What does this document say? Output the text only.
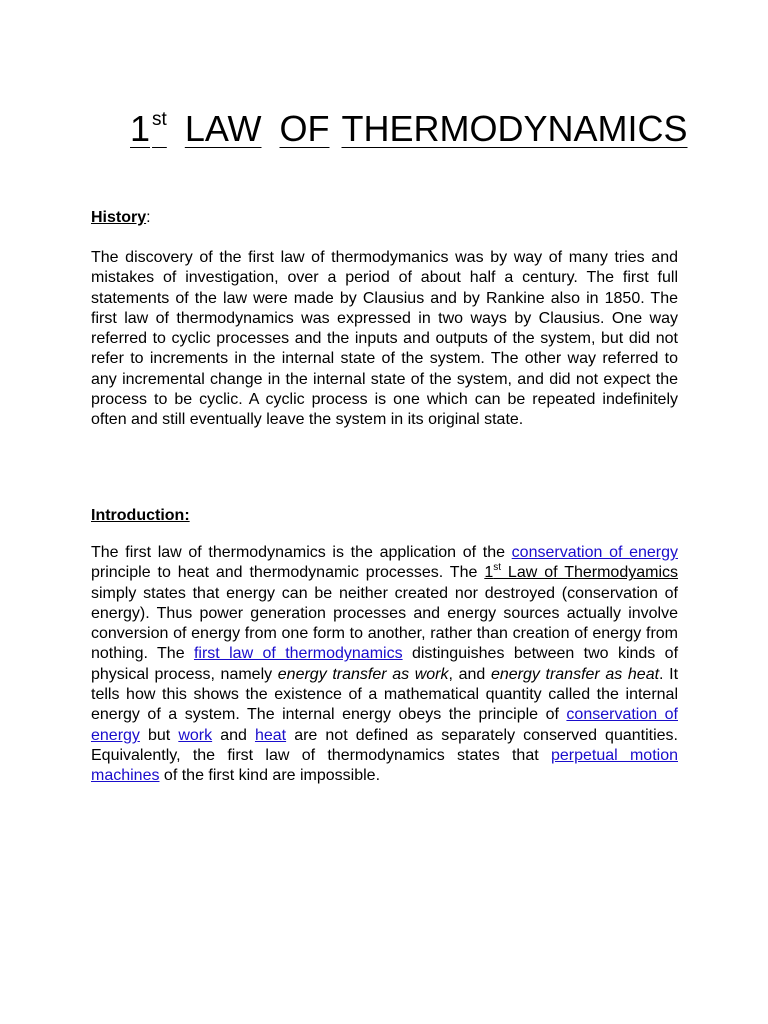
1 $^{st}$ LAW OF THERMODYNAMICS
History:

The discovery of the first law of thermodymanics was by way of many tries and mistakes of investigation, over a period of about half a century. The first full statements of the law were made by Clausius and by Rankine also in 1850. The first law of thermodynamics was expressed in two ways by Clausius. One way referred to cyclic processes and the inputs and outputs of the system, but did not refer to increments in the internal state of the system. The other way referred to any incremental change in the internal state of the system, and did not expect the process to be cyclic. A cyclic process is one which can be repeated indefinitely often and still eventually leave the system in its original state.

Introduction:

The first law of thermodynamics is the application of the conservation of energy principle to heat and thermodynamic processes. The 1st Law of Thermodyamics simply states that energy can be neither created nor destroyed (conservation of energy). Thus power generation processes and energy sources actually involve conversion of energy from one form to another, rather than creation of energy from nothing. The first law of thermodynamics distinguishes between two kinds of physical process, namely energy transfer as work, and energy transfer as heat. It tells how this shows the existence of a mathematical quantity called the internal energy of a system. The internal energy obeys the principle of conservation of energy but work and heat are not defined as separately conserved quantities. Equivalently, the first law of thermodynamics states that perpetual motion machines of the first kind are impossible.
